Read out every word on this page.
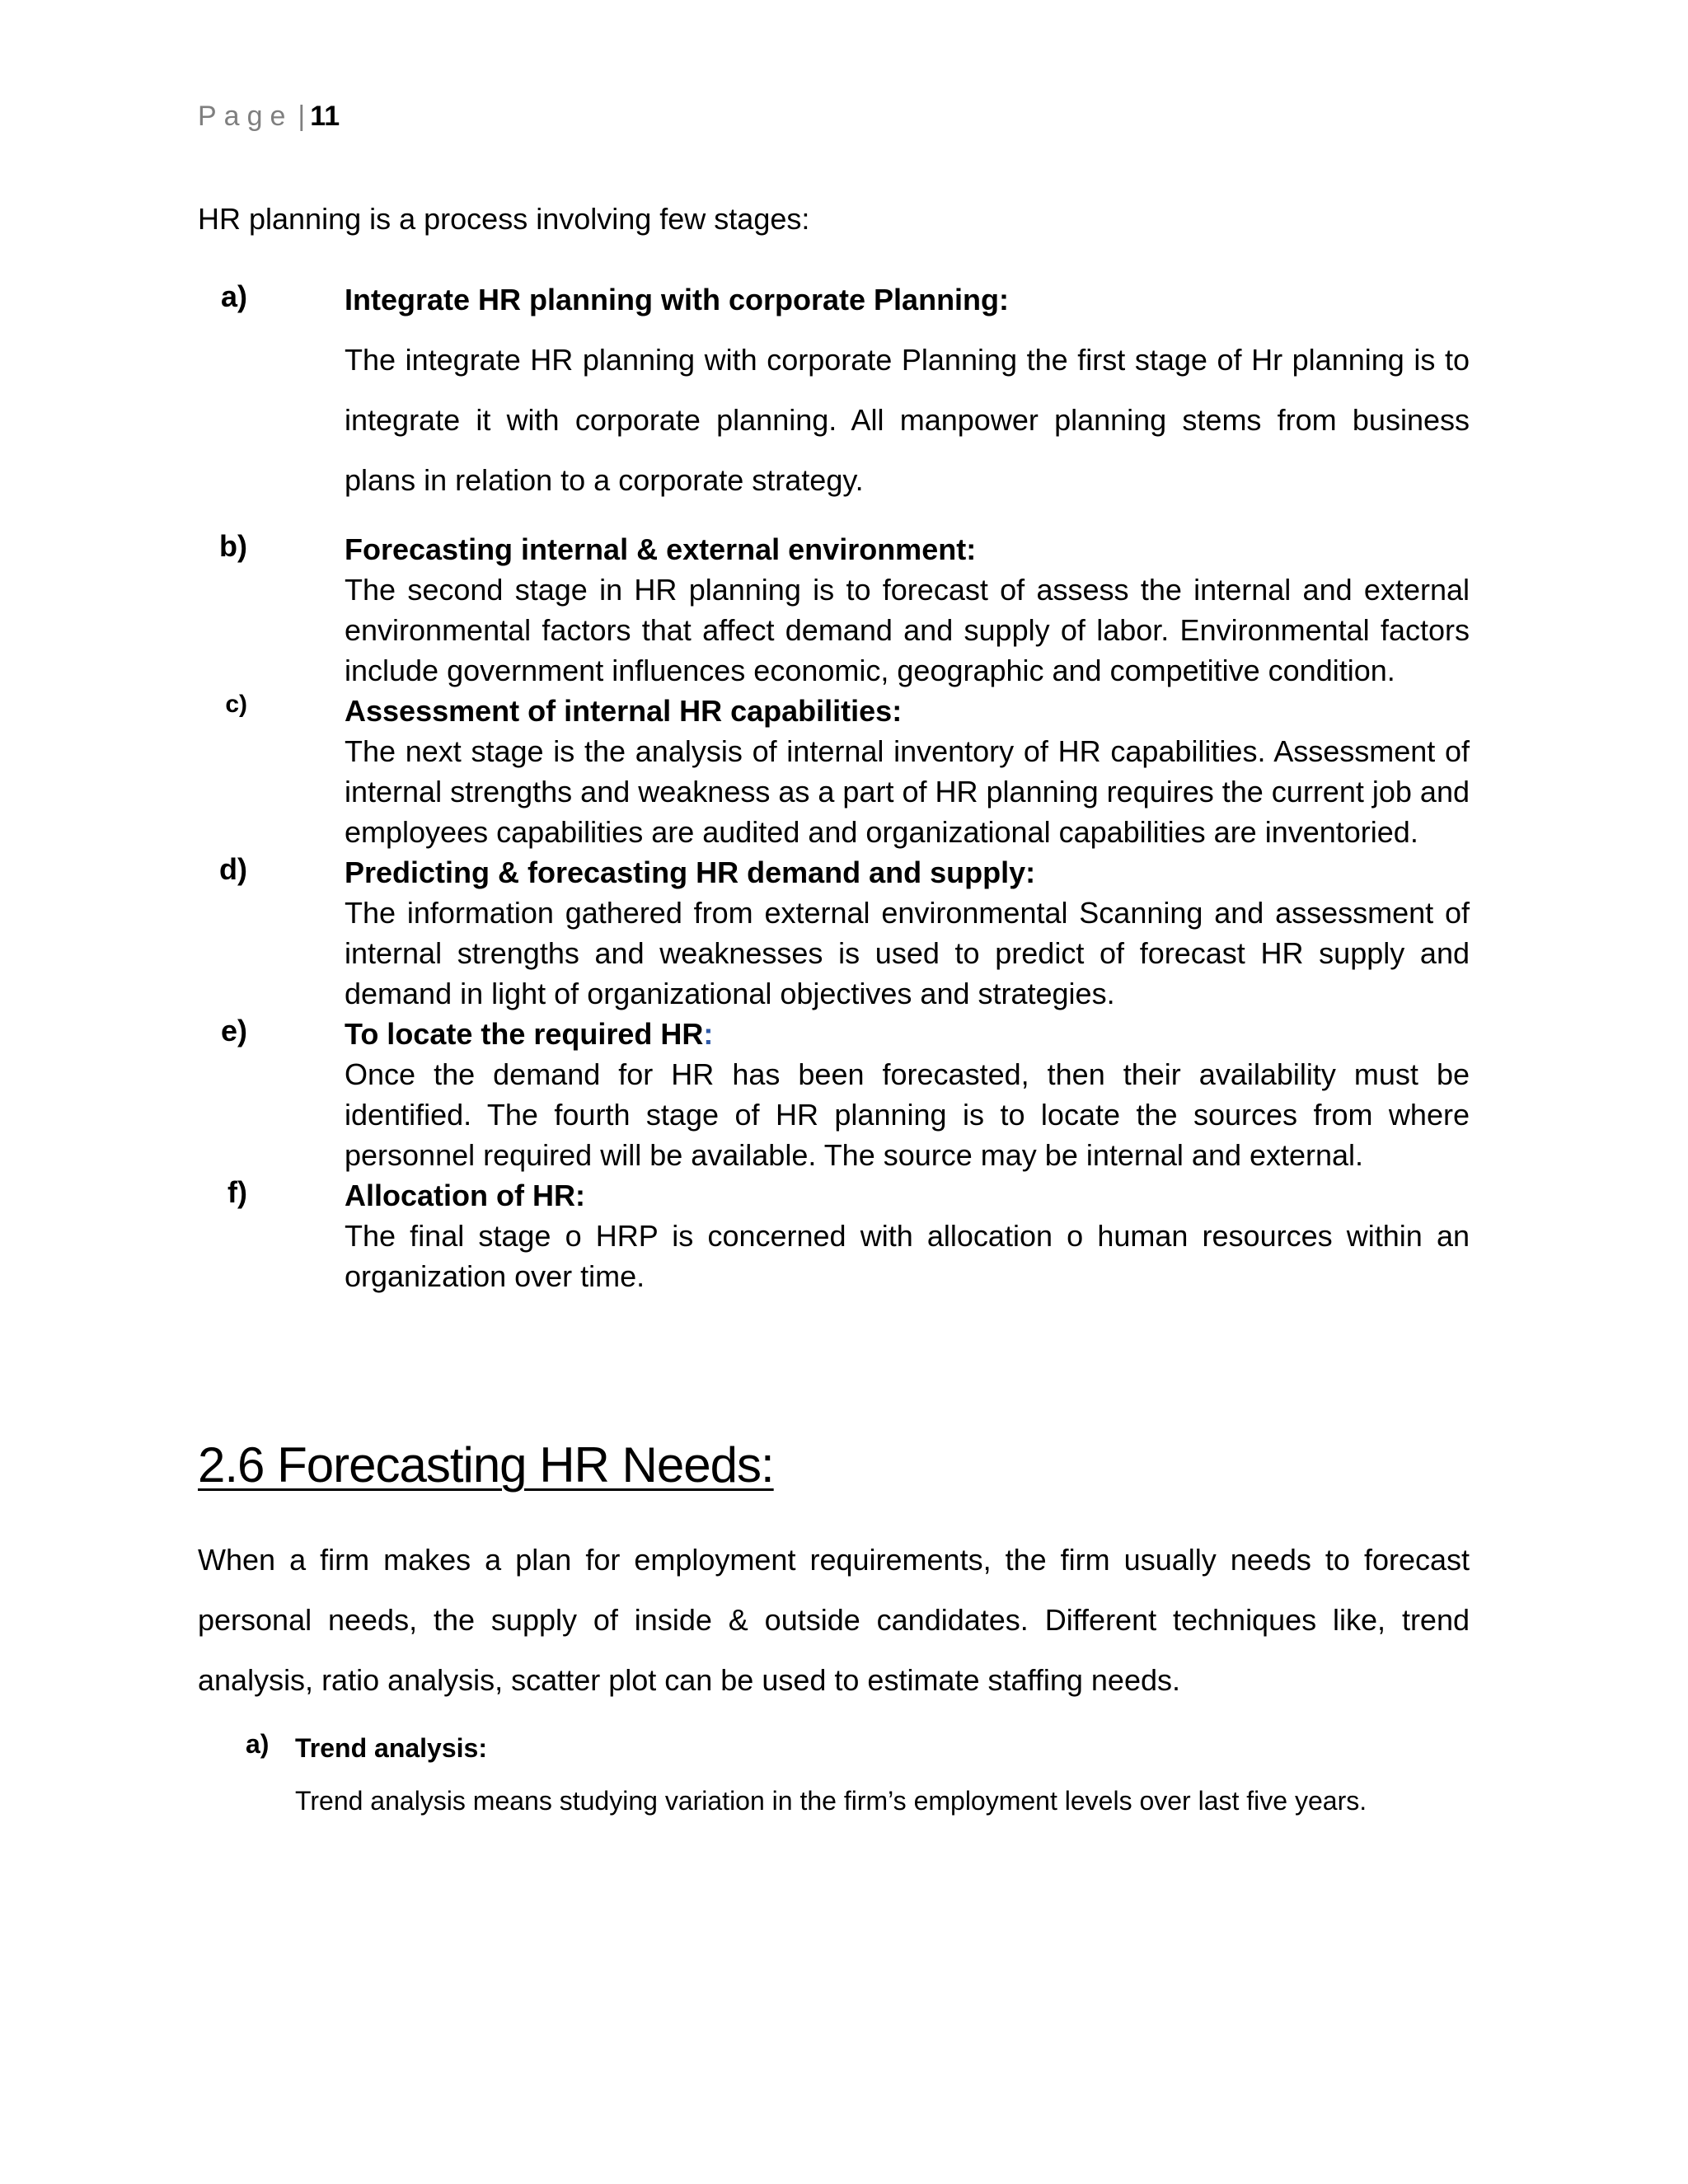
Page | 11
HR planning is a process involving few stages:
a)	Integrate HR planning with corporate Planning:
The integrate HR planning with corporate Planning the first stage of Hr planning is to integrate it with corporate planning. All manpower planning stems from business plans in relation to a corporate strategy.
b)	Forecasting internal & external environment:
The second stage in HR planning is to forecast of assess the internal and external environmental factors that affect demand and supply of labor. Environmental factors include government influences economic, geographic and competitive condition.
c)	Assessment of internal HR capabilities:
The next stage is the analysis of internal inventory of HR capabilities. Assessment of internal strengths and weakness as a part of HR planning requires the current job and employees capabilities are audited and organizational capabilities are inventoried.
d)	Predicting & forecasting HR demand and supply:
The information gathered from external environmental Scanning and assessment of internal strengths and weaknesses is used to predict of forecast HR supply and demand in light of organizational objectives and strategies.
e)	To locate the required HR:
Once the demand for HR has been forecasted, then their availability must be identified. The fourth stage of HR planning is to locate the sources from where personnel required will be available. The source may be internal and external.
f)	Allocation of HR:
The final stage o HRP is concerned with allocation o human resources within an organization over time.
2.6 Forecasting HR Needs:
When a firm makes a plan for employment requirements, the firm usually needs to forecast personal needs, the supply of inside & outside candidates. Different techniques like, trend analysis, ratio analysis, scatter plot can be used to estimate staffing needs.
a) Trend analysis:
Trend analysis means studying variation in the firm’s employment levels over last five years.
